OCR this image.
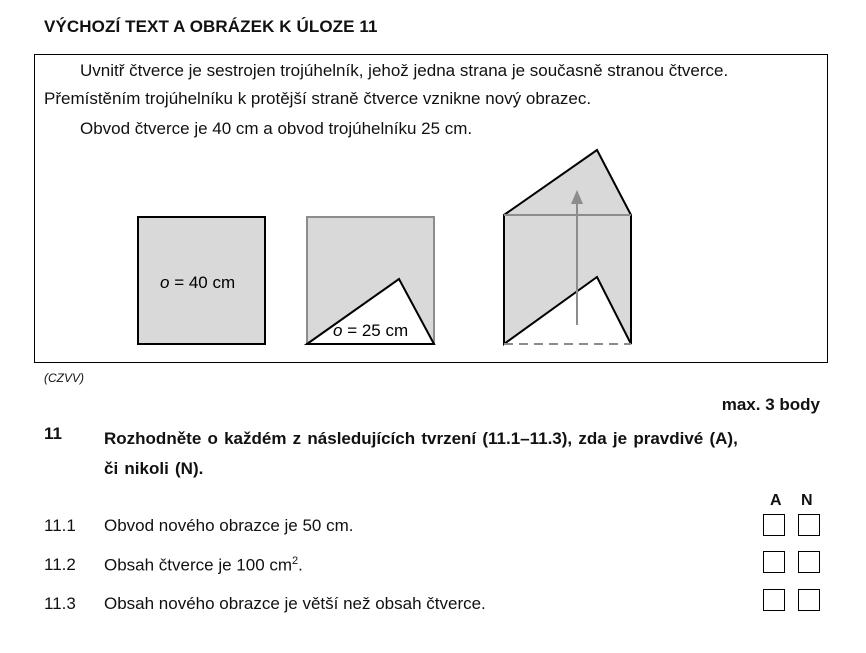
VÝCHOZÍ TEXT A OBRÁZEK K ÚLOZE 11
Uvnitř čtverce je sestrojen trojúhelník, jehož jedna strana je současně stranou čtverce.
Přemístěním trojúhelníku k protější straně čtverce vznikne nový obrazec.
Obvod čtverce je 40 cm a obvod trojúhelníku 25 cm.
o = 40 cm
o = 25 cm
(CZVV)
max. 3 body
11 Rozhodněte o každém z následujících tvrzení (11.1–11.3), zda je pravdivé (A), či nikoli (N).
A N
11.1 Obvod nového obrazce je 50 cm.
11.2 Obsah čtverce je 100 $cm^2$.
11.3 Obsah nového obrazce je větší než obsah čtverce.
